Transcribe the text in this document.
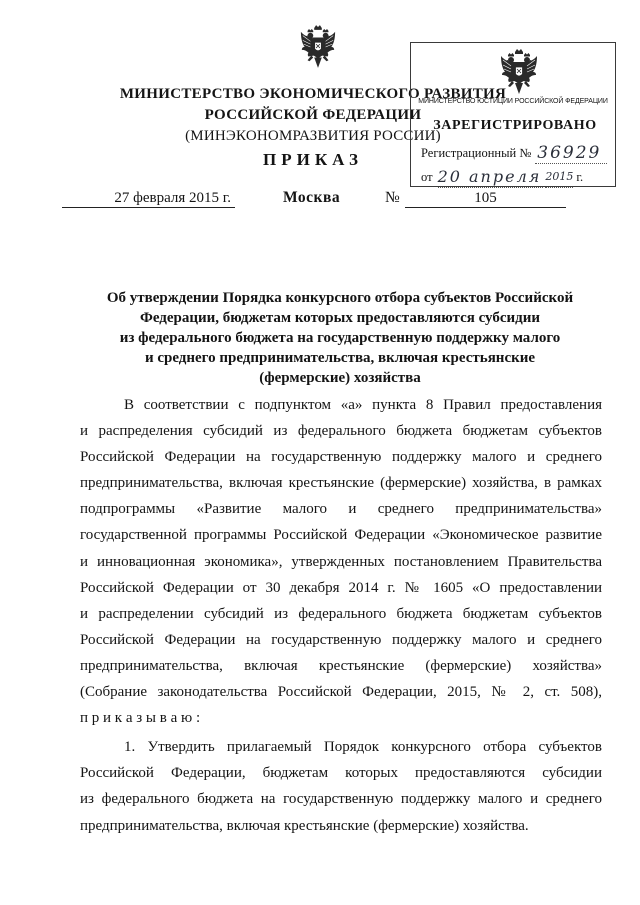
МИНИСТЕРСТВО ЭКОНОМИЧЕСКОГО РАЗВИТИЯ
РОССИЙСКОЙ ФЕДЕРАЦИИ
(МИНЭКОНОМРАЗВИТИЯ РОССИИ)
ПРИКАЗ
МИНИСТЕРСТВО ЮСТИЦИИ РОССИЙСКОЙ ФЕДЕРАЦИИ
ЗАРЕГИСТРИРОВАНО
Регистрационный № 36929
от 20 апреля 2015 г.
27 февраля 2015 г.	Москва	№	105
Об утверждении Порядка конкурсного отбора субъектов Российской
Федерации, бюджетам которых предоставляются субсидии
из федерального бюджета на государственную поддержку малого
и среднего предпринимательства, включая крестьянские
(фермерские) хозяйства
В соответствии с подпунктом «а» пункта 8 Правил предоставления
и распределения субсидий из федерального бюджета бюджетам субъектов
Российской Федерации на государственную поддержку малого и среднего
предпринимательства, включая крестьянские (фермерские) хозяйства, в рамках
подпрограммы «Развитие малого и среднего предпринимательства»
государственной программы Российской Федерации «Экономическое развитие
и инновационная экономика», утвержденных постановлением Правительства
Российской Федерации от 30 декабря 2014 г. № 1605 «О предоставлении
и распределении субсидий из федерального бюджета бюджетам субъектов
Российской Федерации на государственную поддержку малого и среднего
предпринимательства, включая крестьянские (фермерские) хозяйства»
(Собрание законодательства Российской Федерации, 2015, № 2, ст. 508),
п р и к а з ы в а ю :
1. Утвердить прилагаемый Порядок конкурсного отбора субъектов
Российской Федерации, бюджетам которых предоставляются субсидии
из федерального бюджета на государственную поддержку малого и среднего
предпринимательства, включая крестьянские (фермерские) хозяйства.
